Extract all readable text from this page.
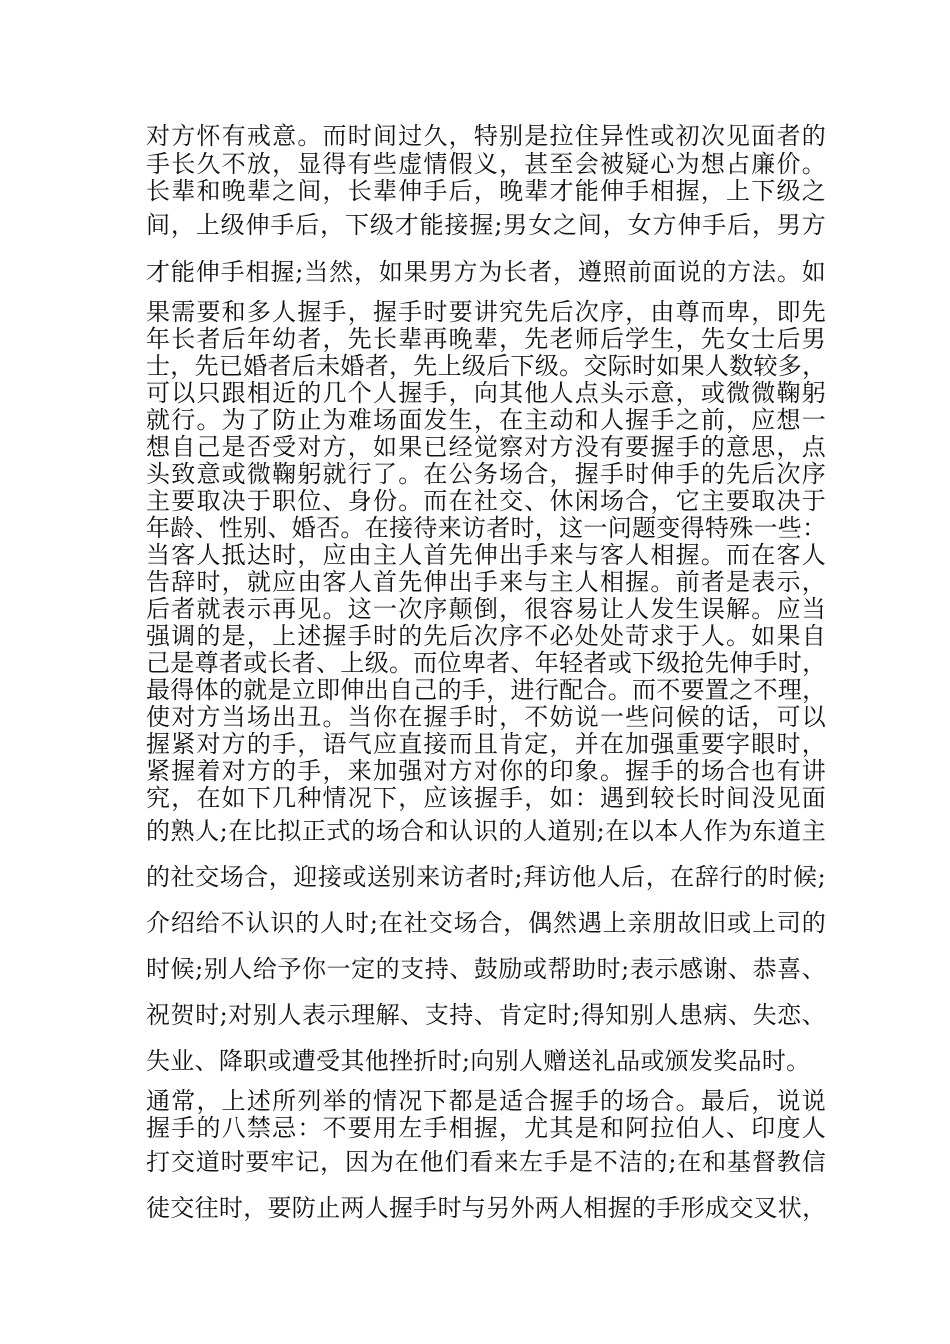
对方怀有戒意。而时间过久，特别是拉住异性或初次见面者的
手长久不放，显得有些虚情假义，甚至会被疑心为想占廉价。
长辈和晚辈之间，长辈伸手后，晚辈才能伸手相握，上下级之
间，上级伸手后，下级才能接握;男女之间，女方伸手后，男方
才能伸手相握;当然，如果男方为长者，遵照前面说的方法。如
果需要和多人握手，握手时要讲究先后次序，由尊而卑，即先
年长者后年幼者，先长辈再晚辈，先老师后学生，先女士后男
士，先已婚者后未婚者，先上级后下级。交际时如果人数较多，
可以只跟相近的几个人握手，向其他人点头示意，或微微鞠躬
就行。为了防止为难场面发生，在主动和人握手之前，应想一
想自己是否受对方，如果已经觉察对方没有要握手的意思，点
头致意或微鞠躬就行了。在公务场合，握手时伸手的先后次序
主要取决于职位、身份。而在社交、休闲场合，它主要取决于
年龄、性别、婚否。在接待来访者时，这一问题变得特殊一些：
当客人抵达时，应由主人首先伸出手来与客人相握。而在客人
告辞时，就应由客人首先伸出手来与主人相握。前者是表示，
后者就表示再见。这一次序颠倒，很容易让人发生误解。应当
强调的是，上述握手时的先后次序不必处处苛求于人。如果自
己是尊者或长者、上级。而位卑者、年轻者或下级抢先伸手时，
最得体的就是立即伸出自己的手，进行配合。而不要置之不理，
使对方当场出丑。当你在握手时，不妨说一些问候的话，可以
握紧对方的手，语气应直接而且肯定，并在加强重要字眼时，
紧握着对方的手，来加强对方对你的印象。握手的场合也有讲
究，在如下几种情况下，应该握手，如：遇到较长时间没见面
的熟人;在比拟正式的场合和认识的人道别;在以本人作为东道主
的社交场合，迎接或送别来访者时;拜访他人后，在辞行的时候;
介绍给不认识的人时;在社交场合，偶然遇上亲朋故旧或上司的
时候;别人给予你一定的支持、鼓励或帮助时;表示感谢、恭喜、
祝贺时;对别人表示理解、支持、肯定时;得知别人患病、失恋、
失业、降职或遭受其他挫折时;向别人赠送礼品或颁发奖品时。
通常，上述所列举的情况下都是适合握手的场合。最后，说说
握手的八禁忌：不要用左手相握，尤其是和阿拉伯人、印度人
打交道时要牢记，因为在他们看来左手是不洁的;在和基督教信
徒交往时，要防止两人握手时与另外两人相握的手形成交叉状，
